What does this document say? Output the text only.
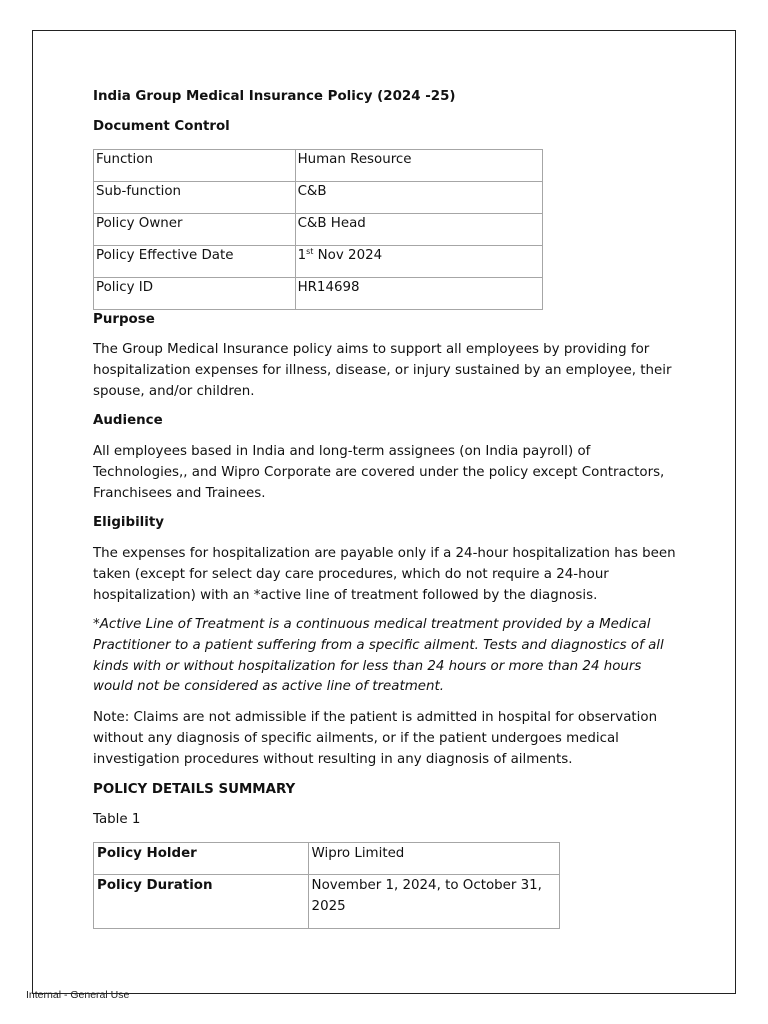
India Group Medical Insurance Policy (2024 -25)

Document Control

Function	Human Resource
Sub-function	C&B
Policy Owner	C&B Head
Policy Effective Date	1st Nov 2024
Policy ID	HR14698

Purpose

The Group Medical Insurance policy aims to support all employees by providing for hospitalization expenses for illness, disease, or injury sustained by an employee, their spouse, and/or children.

Audience

All employees based in India and long-term assignees (on India payroll) of Technologies,, and Wipro Corporate are covered under the policy except Contractors, Franchisees and Trainees.

Eligibility

The expenses for hospitalization are payable only if a 24-hour hospitalization has been taken (except for select day care procedures, which do not require a 24-hour hospitalization) with an *active line of treatment followed by the diagnosis.

*Active Line of Treatment is a continuous medical treatment provided by a Medical Practitioner to a patient suffering from a specific ailment. Tests and diagnostics of all kinds with or without hospitalization for less than 24 hours or more than 24 hours would not be considered as active line of treatment.

Note: Claims are not admissible if the patient is admitted in hospital for observation without any diagnosis of specific ailments, or if the patient undergoes medical investigation procedures without resulting in any diagnosis of ailments.

POLICY DETAILS SUMMARY

Table 1

Policy Holder	Wipro Limited
Policy Duration	November 1, 2024, to October 31, 2025
Internal - General Use
